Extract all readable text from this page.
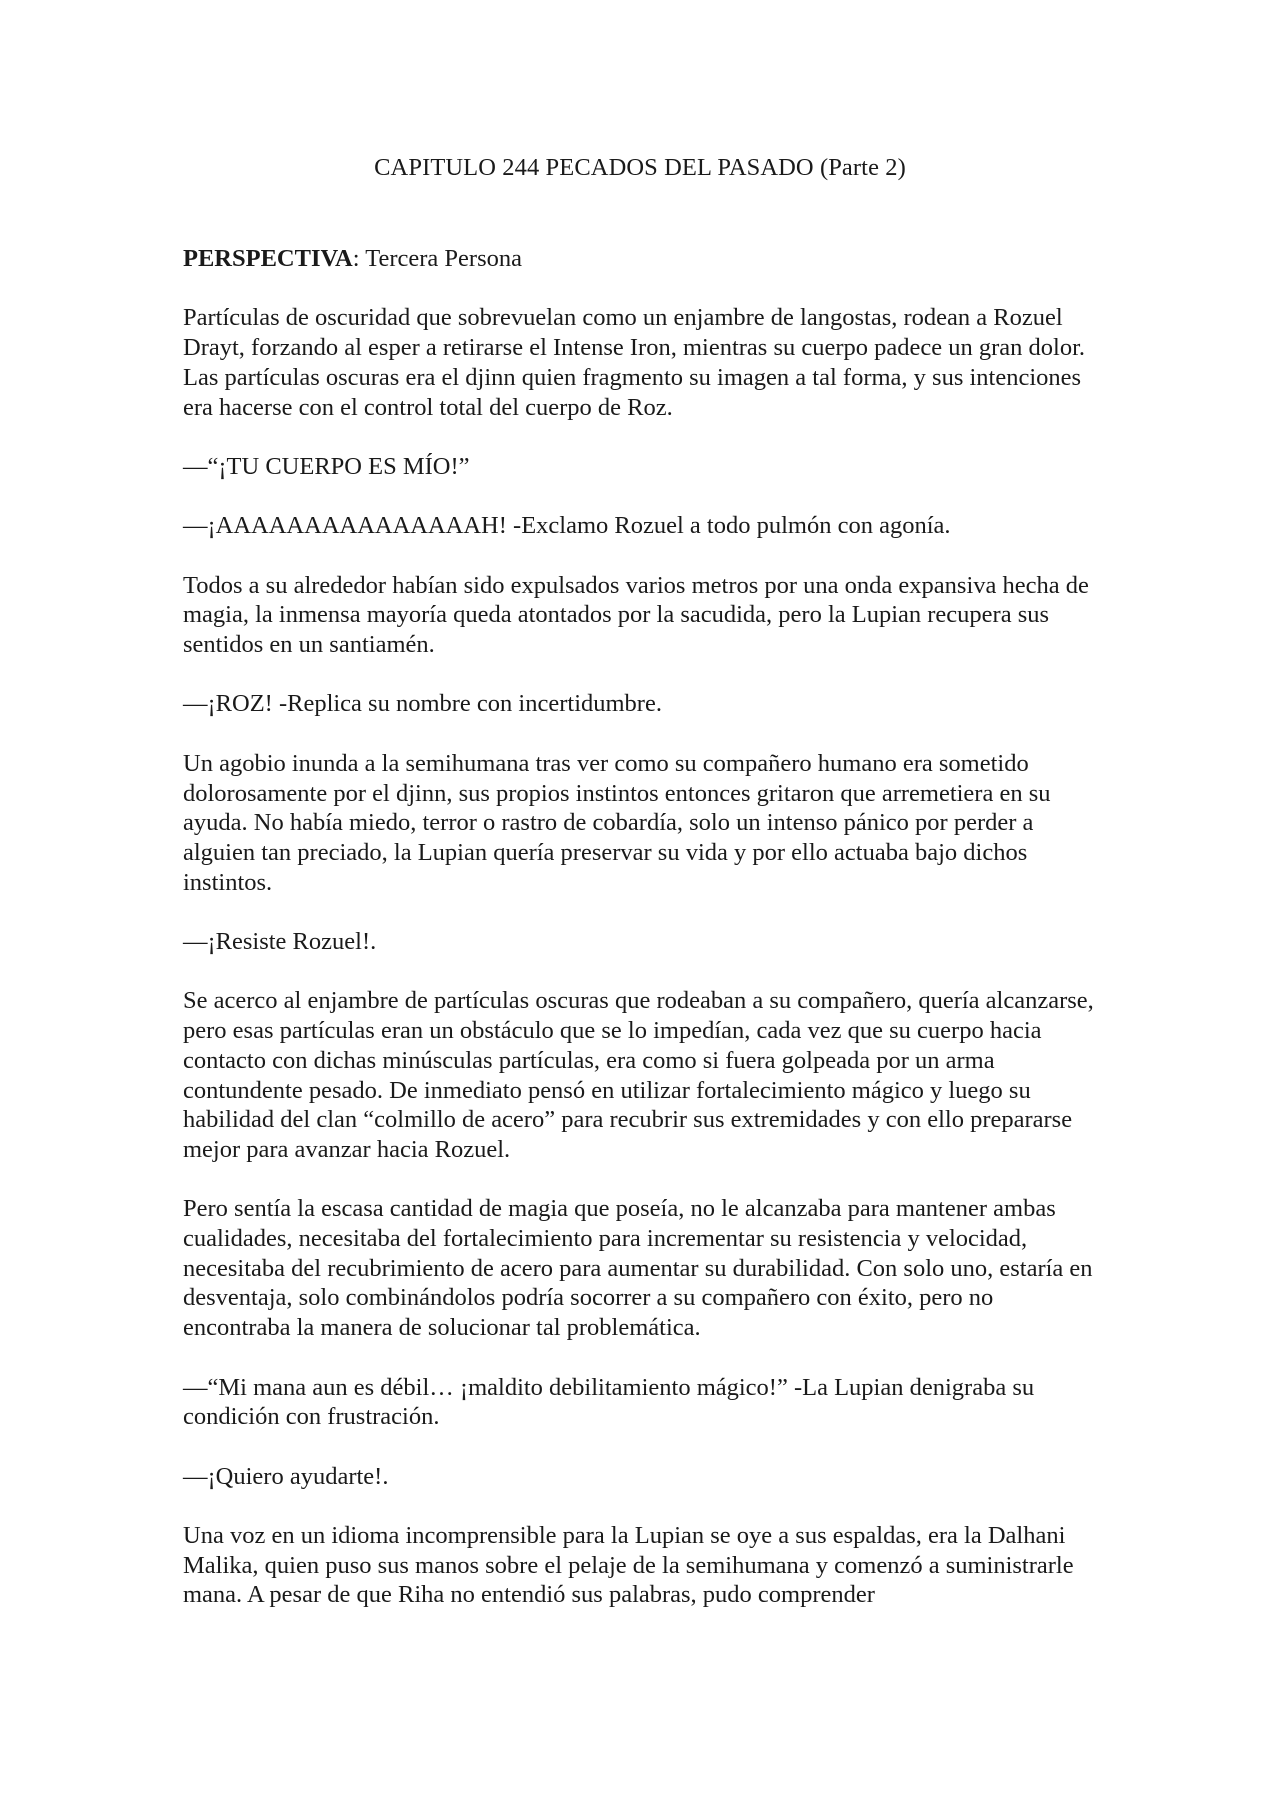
CAPITULO 244 PECADOS DEL PASADO (Parte 2)

PERSPECTIVA: Tercera Persona

Partículas de oscuridad que sobrevuelan como un enjambre de langostas, rodean a Rozuel Drayt, forzando al esper a retirarse el Intense Iron, mientras su cuerpo padece un gran dolor. Las partículas oscuras era el djinn quien fragmento su imagen a tal forma, y sus intenciones era hacerse con el control total del cuerpo de Roz.

—“¡TU CUERPO ES MÍO!”

—¡AAAAAAAAAAAAAAAH! -Exclamo Rozuel a todo pulmón con agonía.

Todos a su alrededor habían sido expulsados varios metros por una onda expansiva hecha de magia, la inmensa mayoría queda atontados por la sacudida, pero la Lupian recupera sus sentidos en un santiamén.

—¡ROZ! -Replica su nombre con incertidumbre.

Un agobio inunda a la semihumana tras ver como su compañero humano era sometido dolorosamente por el djinn, sus propios instintos entonces gritaron que arremetiera en su ayuda. No había miedo, terror o rastro de cobardía, solo un intenso pánico por perder a alguien tan preciado, la Lupian quería preservar su vida y por ello actuaba bajo dichos instintos.

—¡Resiste Rozuel!.

Se acerco al enjambre de partículas oscuras que rodeaban a su compañero, quería alcanzarse, pero esas partículas eran un obstáculo que se lo impedían, cada vez que su cuerpo hacia contacto con dichas minúsculas partículas, era como si fuera golpeada por un arma contundente pesado. De inmediato pensó en utilizar fortalecimiento mágico y luego su habilidad del clan “colmillo de acero” para recubrir sus extremidades y con ello prepararse mejor para avanzar hacia Rozuel.

Pero sentía la escasa cantidad de magia que poseía, no le alcanzaba para mantener ambas cualidades, necesitaba del fortalecimiento para incrementar su resistencia y velocidad, necesitaba del recubrimiento de acero para aumentar su durabilidad. Con solo uno, estaría en desventaja, solo combinándolos podría socorrer a su compañero con éxito, pero no encontraba la manera de solucionar tal problemática.

—“Mi mana aun es débil… ¡maldito debilitamiento mágico!” -La Lupian denigraba su condición con frustración.

—¡Quiero ayudarte!.

Una voz en un idioma incomprensible para la Lupian se oye a sus espaldas, era la Dalhani Malika, quien puso sus manos sobre el pelaje de la semihumana y comenzó a suministrarle mana. A pesar de que Riha no entendió sus palabras, pudo comprender
